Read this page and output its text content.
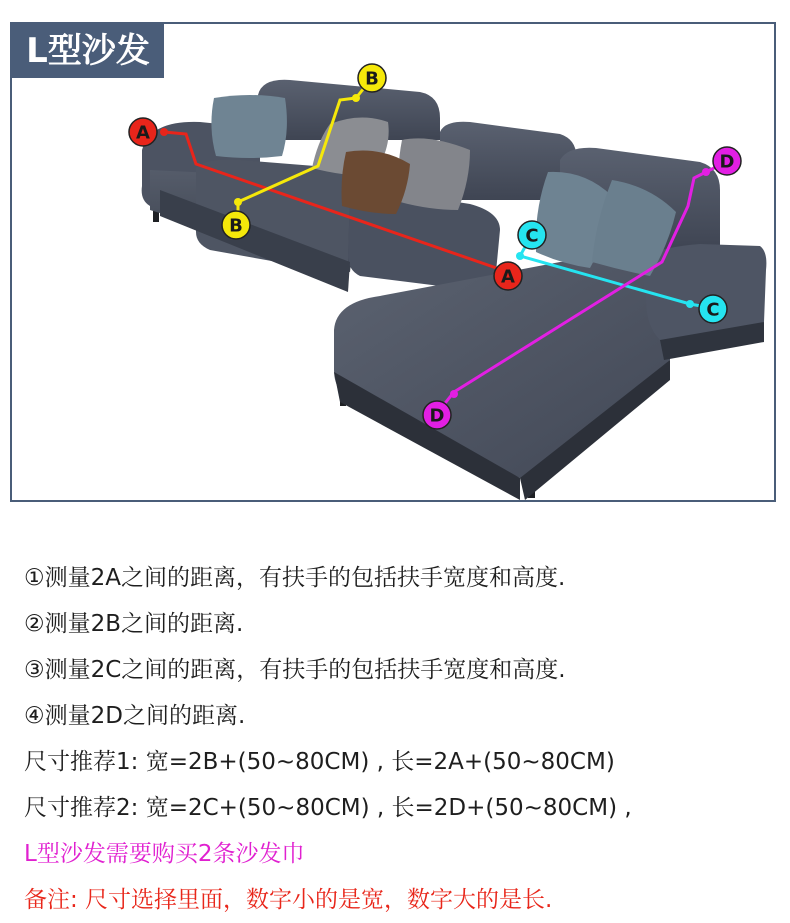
A
A
B
B	C
C
D
D
L型沙发
①测量2A之间的距离，有扶手的包括扶手宽度和高度.
②测量2B之间的距离.
③测量2C之间的距离，有扶手的包括扶手宽度和高度.
④测量2D之间的距离.
尺寸推荐1: 宽=2B+(50~80CM) , 长=2A+(50~80CM)
尺寸推荐2: 宽=2C+(50~80CM) , 长=2D+(50~80CM) ,
L型沙发需要购买2条沙发巾
备注: 尺寸选择里面，数字小的是宽，数字大的是长.
